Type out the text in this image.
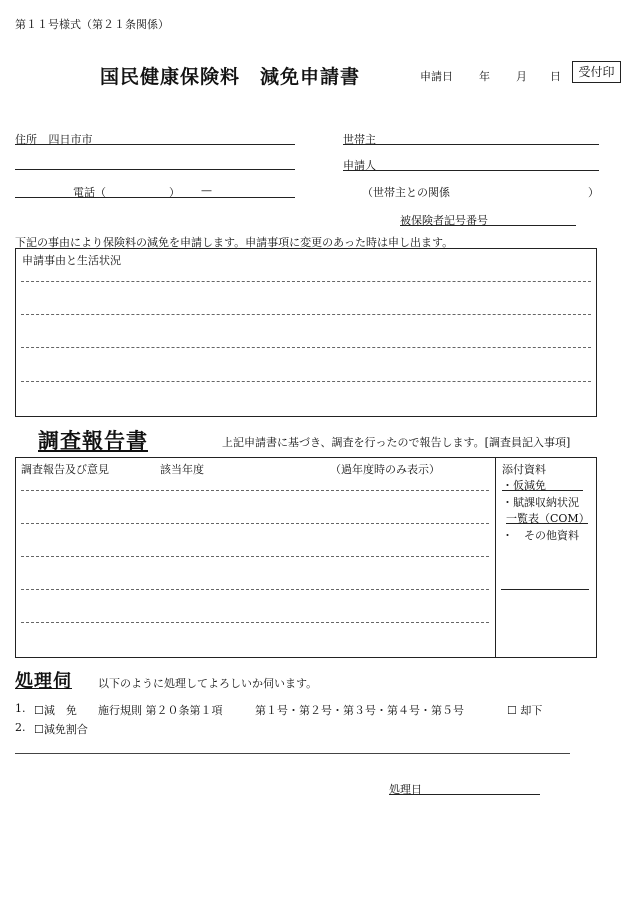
第１１号様式（第２１条関係）
国民健康保険料　減免申請書	申請日 年 月 日	受付印
住所 四日市市	世帯主
申請人
電話（	） —	（世帯主との関係	）
被保険者記号番号
下記の事由により保険料の減免を申請します。申請事項に変更のあった時は申し出ます。
申請事由と生活状況
調査報告書	上記申請書に基づき、調査を行ったので報告します。[調査員記入事項]
調査報告及び意見	該当年度	（過年度時のみ表示）	添付資料
・仮減免
・賦課収納状況
一覧表（COM）
・　その他資料
処理伺 以下のように処理してよろしいか伺います。
1. ☐減　免 施行規則 第２０条第１項	第１号・第２号・第３号・第４号・第５号	☐ 却下
2. ☐減免割合
処理日
